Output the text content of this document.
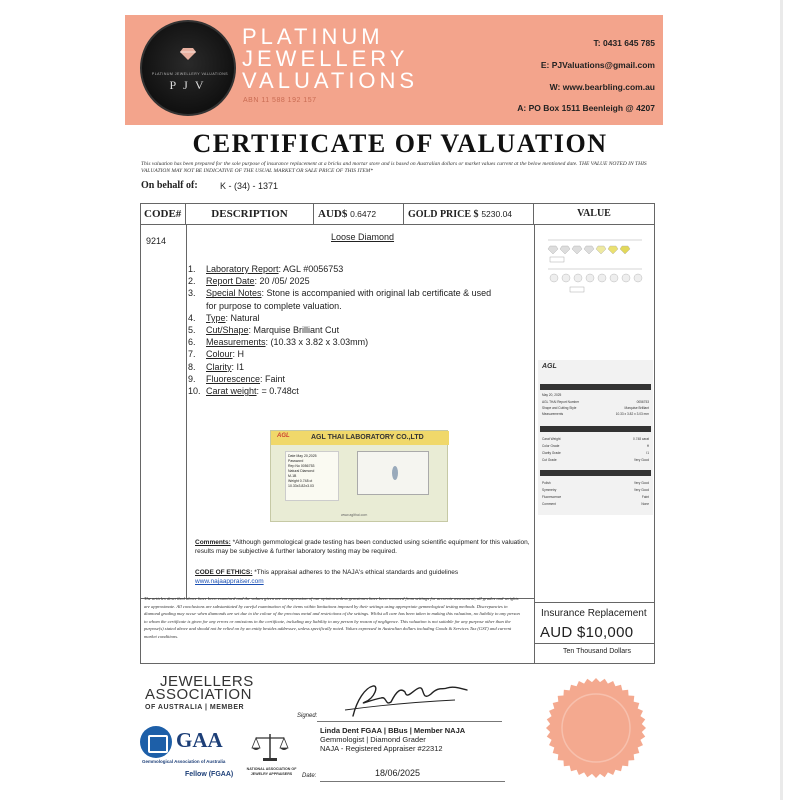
PLATINUM JEWELLERY VALUATIONS
PJV
PLATINUM
JEWELLERY
VALUATIONS
ABN 11 588 192 157
T: 0431 645 785
E: PJValuations@gmail.com
W: www.bearbling.com.au
A: PO Box 1511 Beenleigh @ 4207
CERTIFICATE OF VALUATION
This valuation has been prepared for the sole purpose of insurance replacement at a bricks and mortar store and is based on Australian dollars or market values current at the below mentioned date. THE VALUE NOTED IN THIS VALUATION MAY NOT BE INDICATIVE OF THE USUAL MARKET OR SALE PRICE OF THIS ITEM*
On behalf of: K - (34) - 1371
CODE#	DESCRIPTION	AUD$ 0.6472	GOLD PRICE $ 5230.04	VALUE
9214	Loose Diamond
1.	Laboratory Report : AGL #0056753
2.	Report Date : 20 /05/ 2025
3.	Special Notes : Stone is accompanied with original lab certificate & used
for purpose to complete valuation.
4.	Type : Natural
5.	Cut/Shape : Marquise Brilliant Cut
6.	Measurements : (10.33 x 3.82 x 3.03mm)
7.	Colour : H
8.	Clarity : I1
9.	Fluorescence : Faint
10. Carat weight : = 0.748ct
AGL	AGL THAI LABORATORY CO.,LTD
Date May 20,2025
Password
Rep No 0056753
Natural Diamond
M-1B
Weight 0.748 ct
10.33x3.82x3.03
www.aglthai.com
Comments: *Although gemmological grade testing has been conducted using scientific equipment for this valuation, results may be subjective & further laboratory testing may be required.
CODE OF ETHICS: *This appraisal adheres to the NAJA's ethical standards and guidelines
www.najaappraiser.com
The articles described above have been examined and the values given are an expression of our opinion unless gemstones have been removed from settings for accurate assessment, all grades and weights are approximate. All conclusions are substantiated by careful examination of the items within limitations imposed by their settings using appropriate gemmological testing methods. Discrepancies in diamond grading may occur when diamonds are set due to the colour of the precious metal and restrictions of the settings. Whilst all care has been taken in making this valuation, no liability to any person to whom the certificate is given for any errors or omissions in the certificate, including any liability to any person by reason of negligence. This valuation is not suitable for any purpose other than the purpose(s) stated above and should not be relied on by an entity besides addressee, unless specifically noted. Values expressed in Australian dollars including Goods & Services Tax (GST) and current market conditions.
AGL
May 20, 2025
AGL THAI Report Number	0056753
Shape and Cutting Style	Marquise Brilliant
Measurements	10.33 x 3.82 x 3.03 mm
Carat Weight	0.748 carat
Color Grade	H
Clarity Grade	I1
Cut Grade	Very Good
Polish	Very Good
Symmetry	Very Good
Fluorescence	Faint
Comment	None
Insurance Replacement
AUD $10,000
Ten Thousand Dollars
JEWELLERS
ASSOCIATION
OF AUSTRALIA | MEMBER
GAA
Gemmological Association of Australia
Fellow (FGAA)
NATIONAL ASSOCIATION OF JEWELRY APPRAISERS
Signed:
Linda Dent FGAA | BBus | Member NAJA
Gemmologist | Diamond Grader
NAJA - Registered Appraiser #22312
Date:	18/06/2025
